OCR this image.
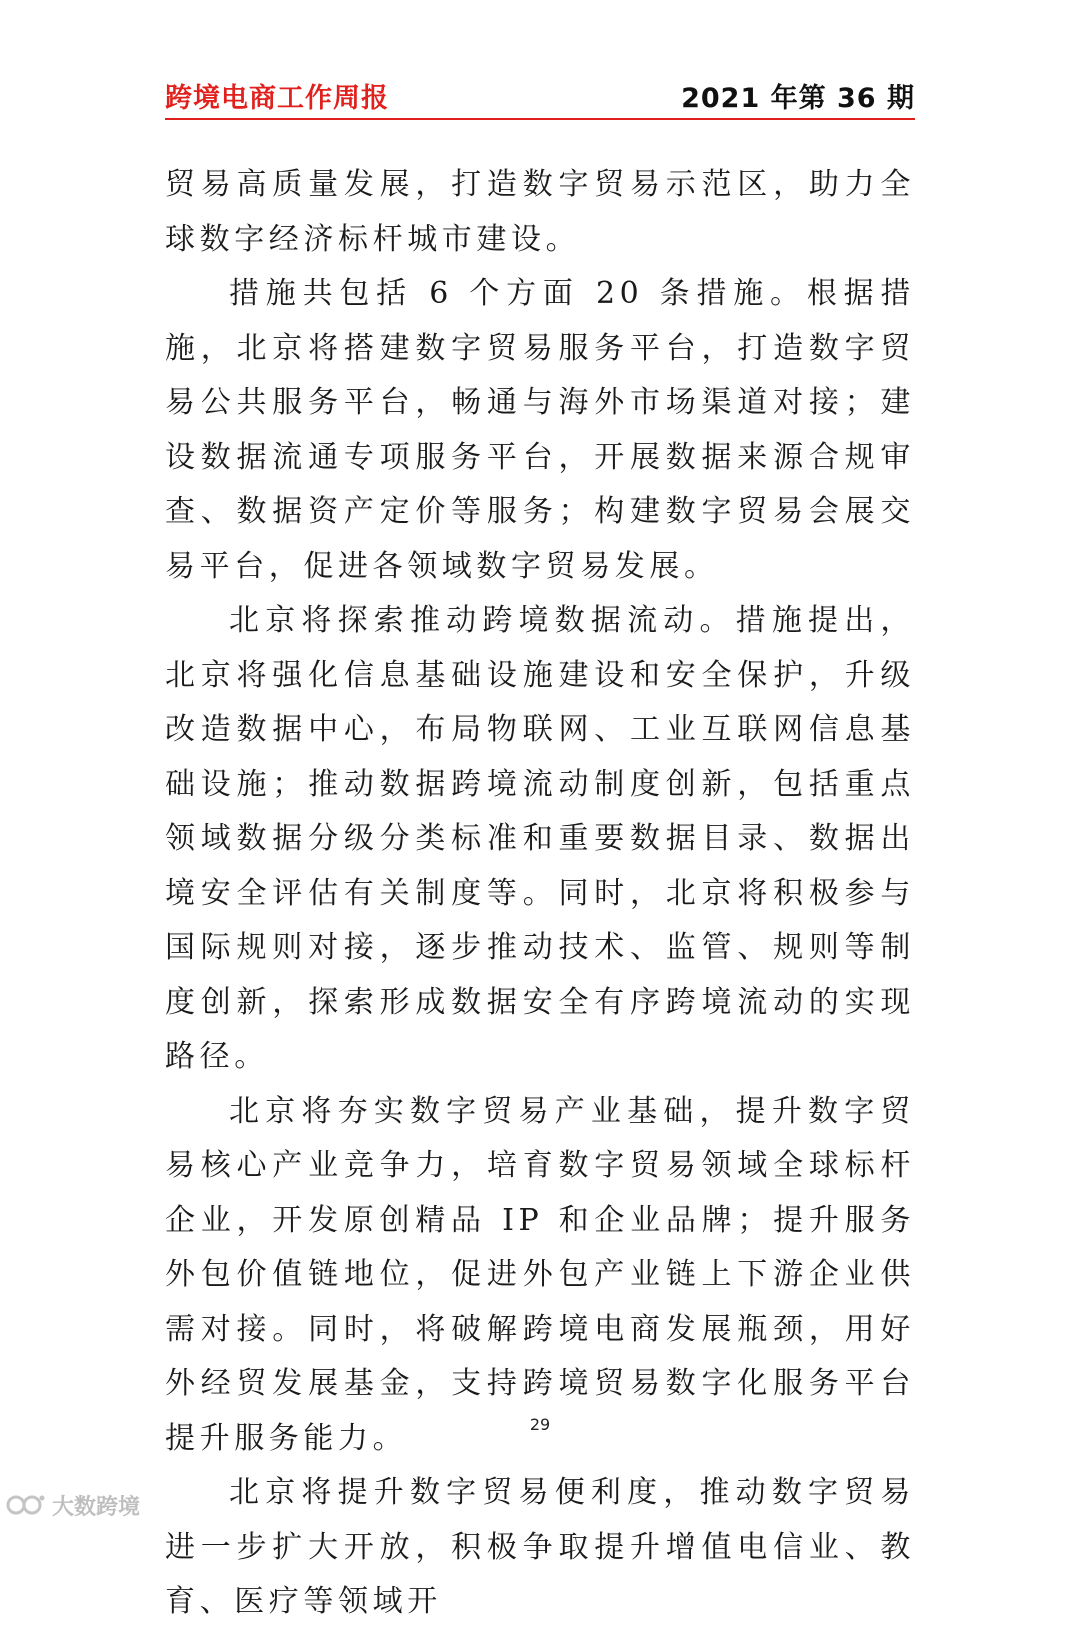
跨境电商工作周报	2021 年第 36 期

贸易高质量发展，打造数字贸易示范区，助力全球数字经济标杆城市建设。

措施共包括 6 个方面 20 条措施。根据措施，北京将搭建数字贸易服务平台，打造数字贸易公共服务平台，畅通与海外市场渠道对接；建设数据流通专项服务平台，开展数据来源合规审查、数据资产定价等服务；构建数字贸易会展交易平台，促进各领域数字贸易发展。

北京将探索推动跨境数据流动。措施提出，北京将强化信息基础设施建设和安全保护，升级改造数据中心，布局物联网、工业互联网信息基础设施；推动数据跨境流动制度创新，包括重点领域数据分级分类标准和重要数据目录、数据出境安全评估有关制度等。同时，北京将积极参与国际规则对接，逐步推动技术、监管、规则等制度创新，探索形成数据安全有序跨境流动的实现路径。

北京将夯实数字贸易产业基础，提升数字贸易核心产业竞争力，培育数字贸易领域全球标杆企业，开发原创精品 IP 和企业品牌；提升服务外包价值链地位，促进外包产业链上下游企业供需对接。同时，将破解跨境电商发展瓶颈，用好外经贸发展基金，支持跨境贸易数字化服务平台提升服务能力。

北京将提升数字贸易便利度，推动数字贸易进一步扩大开放，积极争取提升增值电信业、教育、医疗等领域开

29
大数跨境
